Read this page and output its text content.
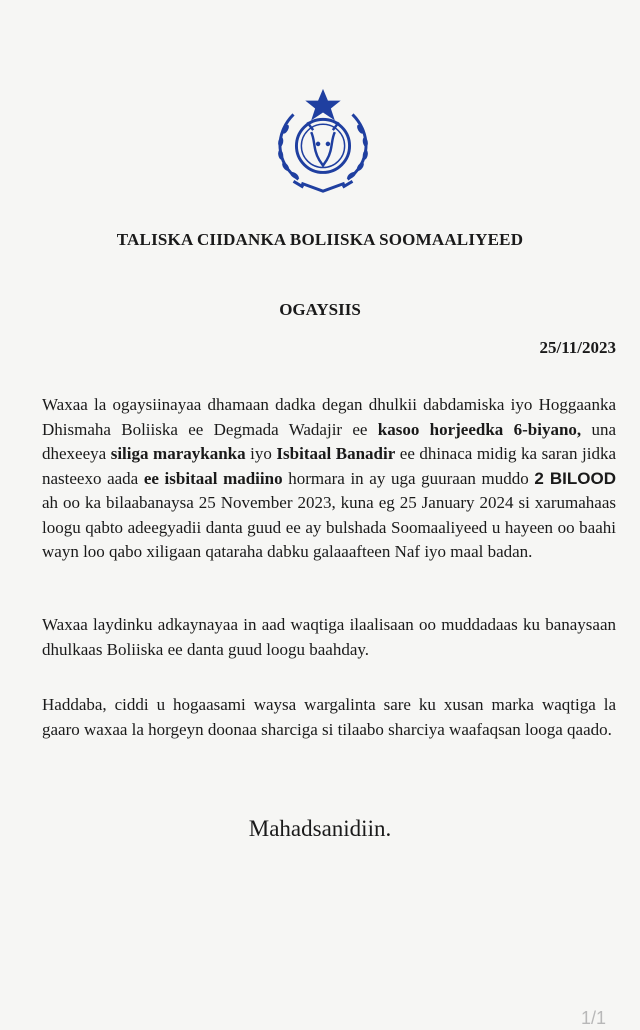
TALISKA CIIDANKA BOLIISKA SOOMAALIYEED
OGAYSIIS
25/11/2023
Waxaa la ogaysiinayaa dhamaan dadka degan dhulkii dabdamiska iyo Hoggaanka Dhismaha Boliiska ee Degmada Wadajir ee kasoo horjeedka 6-biyano, una dhexeeya siliga maraykanka iyo Isbitaal Banadir ee dhinaca midig ka saran jidka nasteexo aada ee isbitaal madiino hormara in ay uga guuraan muddo 2 BILOOD ah oo ka bilaabanaysa 25 November 2023, kuna eg 25 January 2024 si xarumahaas loogu qabto adeegyadii danta guud ee ay bulshada Soomaaliyeed u hayeen oo baahi wayn loo qabo xiligaan qataraha dabku galaaafteen Naf iyo maal badan.
Waxaa laydinku adkaynayaa in aad waqtiga ilaalisaan oo muddadaas ku banaysaan dhulkaas Boliiska ee danta guud loogu baahday.
Haddaba, ciddi u hogaasami waysa wargalinta sare ku xusan marka waqtiga la gaaro waxaa la horgeyn doonaa sharciga si tilaabo sharciya waafaqsan looga qaado.
Mahadsanidiin.
1/1
